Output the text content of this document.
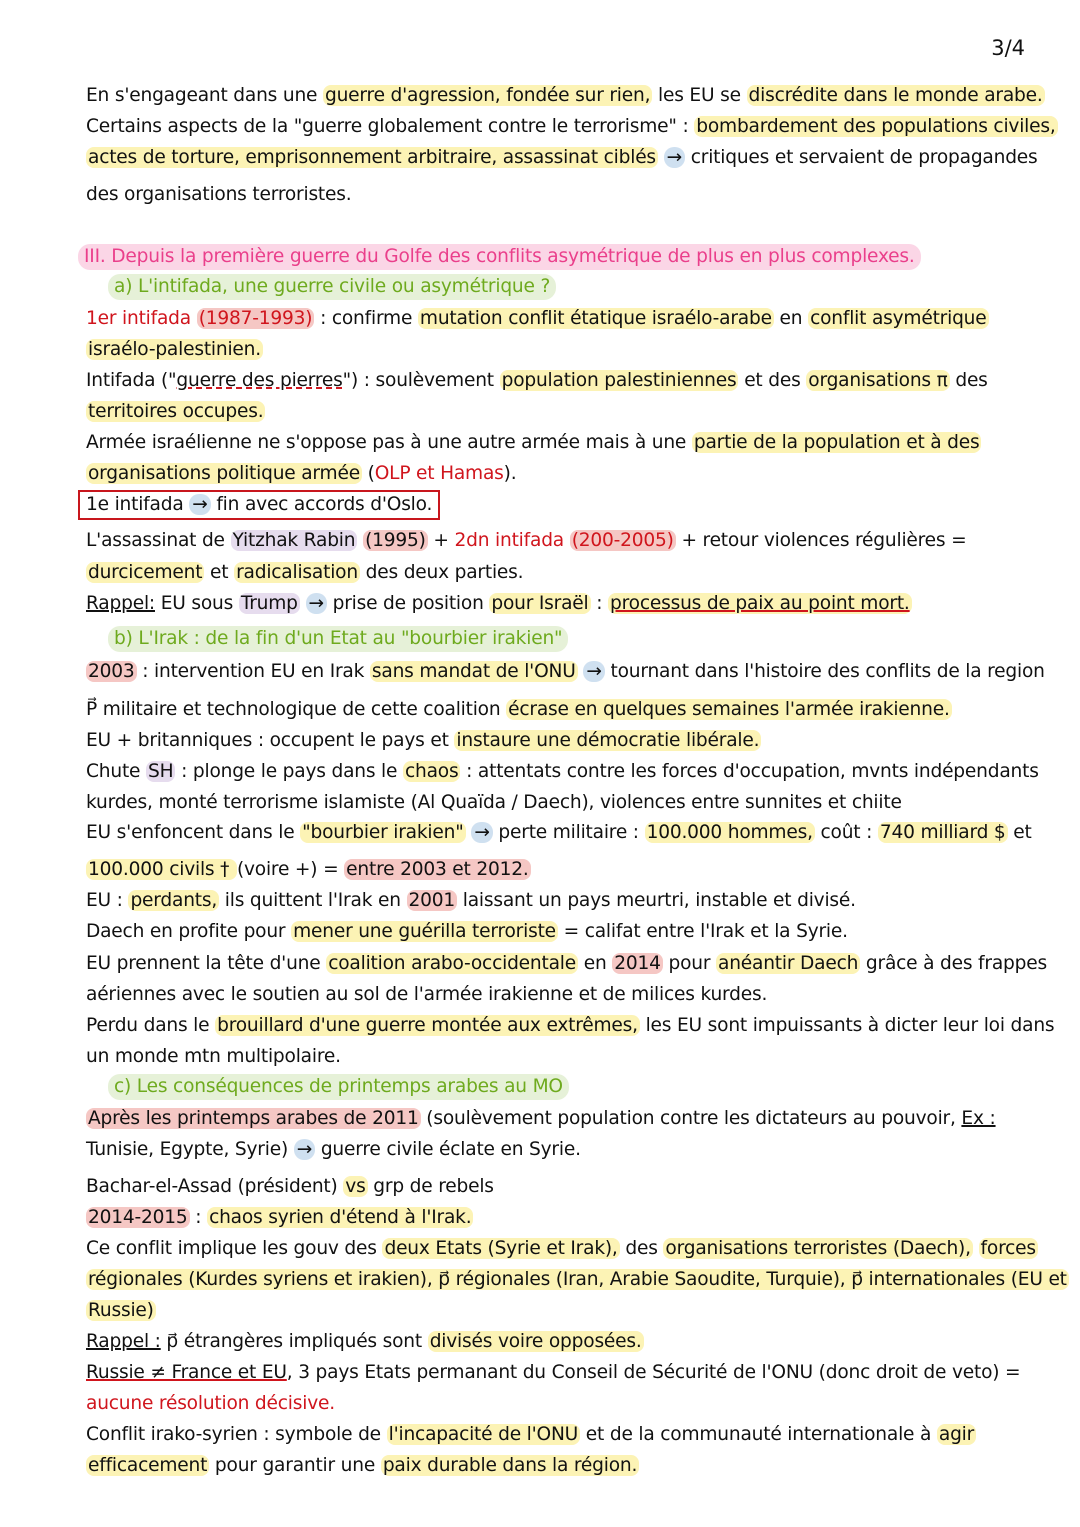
3/4
En s'engageant dans une guerre d'agression, fondée sur rien, les EU se discrédite dans le monde arabe.
Certains aspects de la "guerre globalement contre le terrorisme" : bombardement des populations civiles,
actes de torture, emprisonnement arbitraire, assassinat ciblés → critiques et servaient de propagandes
des organisations terroristes.
III. Depuis la première guerre du Golfe des conflits asymétrique de plus en plus complexes.
a) L'intifada, une guerre civile ou asymétrique ?
1er intifada (1987-1993) : confirme mutation conflit étatique israélo-arabe en conflit asymétrique
israélo-palestinien.
Intifada ("guerre des pierres") : soulèvement population palestiniennes et des organisations π des
territoires occupes.
Armée israélienne ne s'oppose pas à une autre armée mais à une partie de la population et à des
organisations politique armée (OLP et Hamas).
1e intifada → fin avec accords d'Oslo.
L'assassinat de Yitzhak Rabin (1995) + 2dn intifada (200-2005) + retour violences régulières =
durcicement et radicalisation des deux parties.
Rappel: EU sous Trump → prise de position pour Israël : processus de paix au point mort.
b) L'Irak : de la fin d'un Etat au "bourbier irakien"
2003 : intervention EU en Irak sans mandat de l'ONU → tournant dans l'histoire des conflits de la region
P⃗ militaire et technologique de cette coalition écrase en quelques semaines l'armée irakienne.
EU + britanniques : occupent le pays et instaure une démocratie libérale.
Chute SH : plonge le pays dans le chaos : attentats contre les forces d'occupation, mvnts indépendants
kurdes, monté terrorisme islamiste (Al Quaïda / Daech), violences entre sunnites et chiite
EU s'enfoncent dans le "bourbier irakien" → perte militaire : 100.000 hommes, coût : 740 milliard $ et
100.000 civils † (voire +) = entre 2003 et 2012.
EU : perdants, ils quittent l'Irak en 2001 laissant un pays meurtri, instable et divisé.
Daech en profite pour mener une guérilla terroriste = califat entre l'Irak et la Syrie.
EU prennent la tête d'une coalition arabo-occidentale en 2014 pour anéantir Daech grâce à des frappes
aériennes avec le soutien au sol de l'armée irakienne et de milices kurdes.
Perdu dans le brouillard d'une guerre montée aux extrêmes, les EU sont impuissants à dicter leur loi dans
un monde mtn multipolaire.
c) Les conséquences de printemps arabes au MO
Après les printemps arabes de 2011 (soulèvement population contre les dictateurs au pouvoir, Ex :
Tunisie, Egypte, Syrie) → guerre civile éclate en Syrie.
Bachar-el-Assad (président) vs grp de rebels
2014-2015 : chaos syrien d'étend à l'Irak.
Ce conflit implique les gouv des deux Etats (Syrie et Irak), des organisations terroristes (Daech), forces
régionales (Kurdes syriens et irakien), p⃗ régionales (Iran, Arabie Saoudite, Turquie), p⃗ internationales (EU et
Russie)
Rappel : p⃗ étrangères impliqués sont divisés voire opposées.
Russie ≠ France et EU, 3 pays Etats permanant du Conseil de Sécurité de l'ONU (donc droit de veto) =
aucune résolution décisive.
Conflit irako-syrien : symbole de l'incapacité de l'ONU et de la communauté internationale à agir
efficacement pour garantir une paix durable dans la région.
